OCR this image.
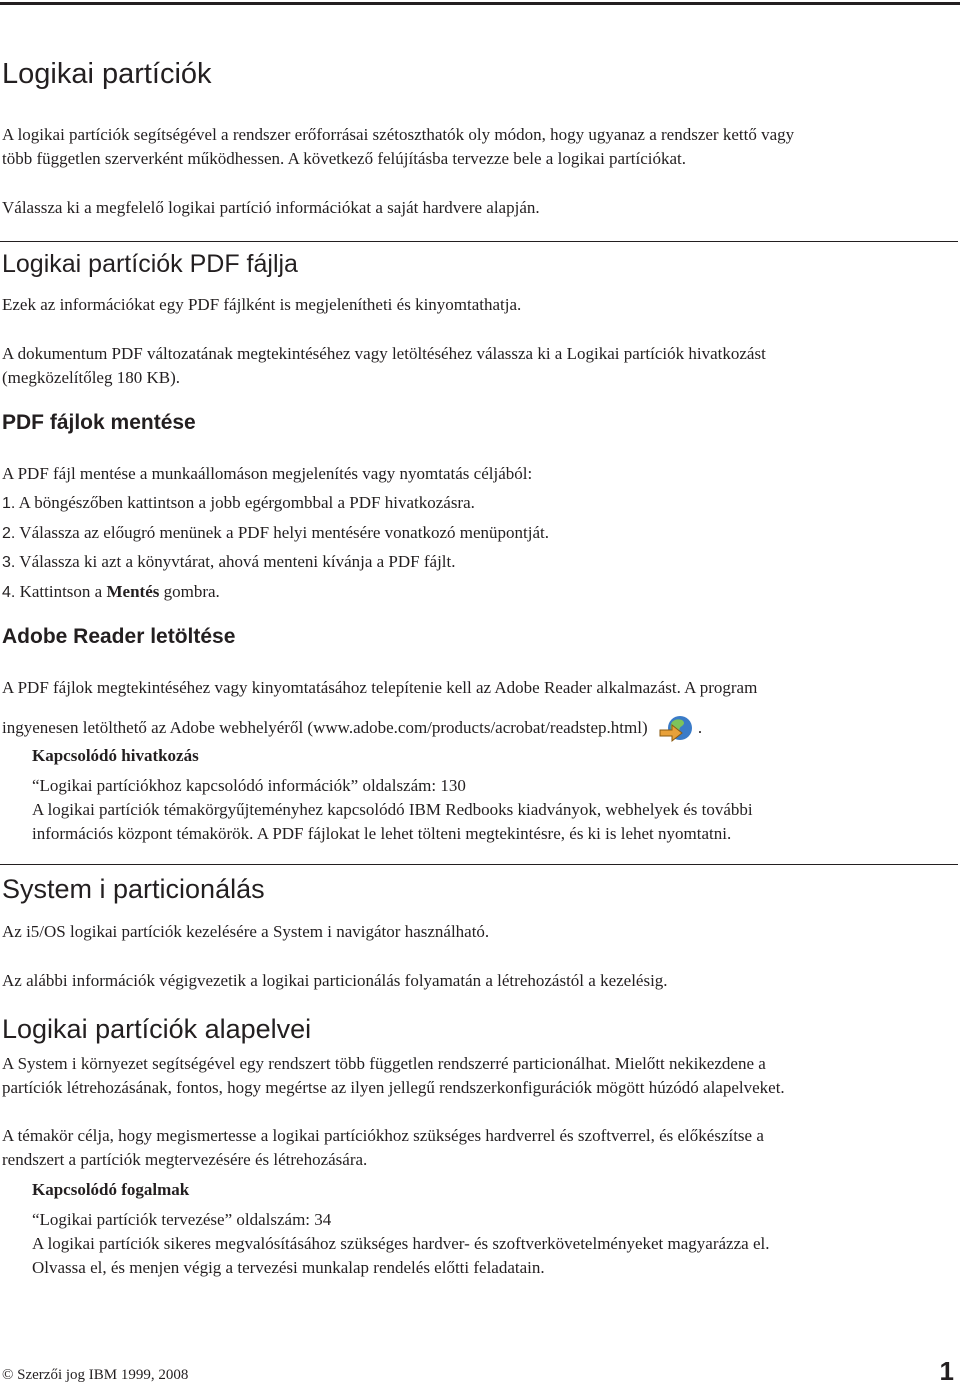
Logikai partíciók
A logikai partíciók segítségével a rendszer erőforrásai szétoszthatók oly módon, hogy ugyanaz a rendszer kettő vagy
több független szerverként működhessen. A következő felújításba tervezze bele a logikai partíciókat.
Válassza ki a megfelelő logikai partíció információkat a saját hardvere alapján.
Logikai partíciók PDF fájlja
Ezek az információkat egy PDF fájlként is megjelenítheti és kinyomtathatja.
A dokumentum PDF változatának megtekintéséhez vagy letöltéséhez válassza ki a Logikai partíciók hivatkozást
(megközelítőleg 180 KB).
PDF fájlok mentése
A PDF fájl mentése a munkaállomáson megjelenítés vagy nyomtatás céljából:
1. A böngészőben kattintson a jobb egérgombbal a PDF hivatkozásra.
2. Válassza az előugró menünek a PDF helyi mentésére vonatkozó menüpontját.
3. Válassza ki azt a könyvtárat, ahová menteni kívánja a PDF fájlt.
4. Kattintson a Mentés gombra.
Adobe Reader letöltése
A PDF fájlok megtekintéséhez vagy kinyomtatásához telepítenie kell az Adobe Reader alkalmazást. A program
ingyenesen letölthető az Adobe webhelyéről (www.adobe.com/products/acrobat/readstep.html)	.
Kapcsolódó hivatkozás
“Logikai partíciókhoz kapcsolódó információk” oldalszám: 130
A logikai partíciók témakörgyűjteményhez kapcsolódó IBM Redbooks kiadványok, webhelyek és további
információs központ témakörök. A PDF fájlokat le lehet tölteni megtekintésre, és ki is lehet nyomtatni.
System i particionálás
Az i5/OS logikai partíciók kezelésére a System i navigátor használható.
Az alábbi információk végigvezetik a logikai particionálás folyamatán a létrehozástól a kezelésig.
Logikai partíciók alapelvei
A System i környezet segítségével egy rendszert több független rendszerré particionálhat. Mielőtt nekikezdene a
partíciók létrehozásának, fontos, hogy megértse az ilyen jellegű rendszerkonfigurációk mögött húzódó alapelveket.
A témakör célja, hogy megismertesse a logikai partíciókhoz szükséges hardverrel és szoftverrel, és előkészítse a
rendszert a partíciók megtervezésére és létrehozására.
Kapcsolódó fogalmak
“Logikai partíciók tervezése” oldalszám: 34
A logikai partíciók sikeres megvalósításához szükséges hardver- és szoftverkövetelményeket magyarázza el.
Olvassa el, és menjen végig a tervezési munkalap rendelés előtti feladatain.
© Szerzői jog IBM 1999, 2008	1
